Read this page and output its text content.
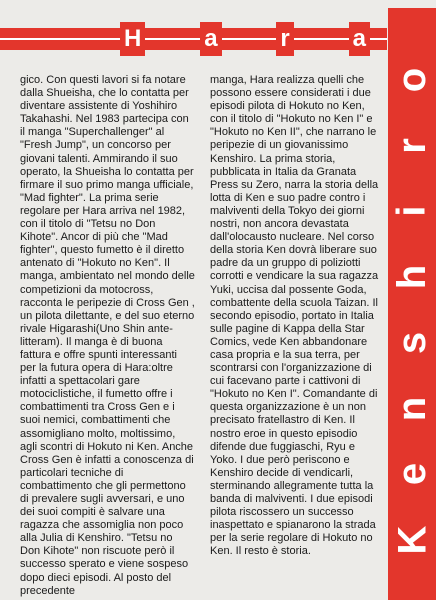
H	a	r	a
o
r
i
h
s
n
e
K

gico. Con questi lavori si fa notare dalla Shueisha, che lo contatta per diventare assistente di Yoshihiro Takahashi. Nel 1983 partecipa con il manga "Superchallenger" al "Fresh Jump", un concorso per giovani talenti. Ammirando il suo operato, la Shueisha lo contatta per firmare il suo primo manga ufficiale, "Mad fighter". La prima serie regolare per Hara arriva nel 1982, con il titolo di "Tetsu no Don Kihote". Ancor di più che "Mad fighter", questo fumetto è il diretto antenato di "Hokuto no Ken". Il manga, ambientato nel mondo delle competizioni da motocross, racconta le peripezie di Cross Gen , un pilota dilettante, e del suo eterno rivale Higarashi(Uno Shin ante-litteram). Il manga è di buona fattura e offre spunti interessanti per la futura opera di Hara:oltre infatti a spettacolari gare motociclistiche, il fumetto offre i combattimenti tra Cross Gen e i suoi nemici, combattimenti che assomigliano molto, moltissimo, agli scontri di Hokuto ni Ken. Anche Cross Gen è infatti a conoscenza di particolari tecniche di combattimento che gli permettono di prevalere sugli avversari, e uno dei suoi compiti è salvare una ragazza che assomiglia non poco alla Julia di Kenshiro. "Tetsu no Don Kihote" non riscuote però il successo sperato e viene sospeso dopo dieci episodi. Al posto del precedente

manga, Hara realizza quelli che possono essere considerati i due episodi pilota di Hokuto no Ken, con il titolo di "Hokuto no Ken I" e "Hokuto no Ken II", che narrano le peripezie di un giovanissimo Kenshiro. La prima storia, pubblicata in Italia da Granata Press su Zero, narra la storia della lotta di Ken e suo padre contro i malviventi della Tokyo dei giorni nostri, non ancora devastata dall'olocausto nucleare. Nel corso della storia Ken dovrà liberare suo padre da un gruppo di poliziotti corrotti e vendicare la sua ragazza Yuki, uccisa dal possente Goda, combattente della scuola Taizan. Il secondo episodio, portato in Italia sulle pagine di Kappa della Star Comics, vede Ken abbandonare casa propria e la sua terra, per scontrarsi con l'organizzazione di cui facevano parte i cattivoni di "Hokuto no Ken I". Comandante di questa organizzazione è un non precisato fratellastro di Ken. Il nostro eroe in questo episodio difende due fuggiaschi, Ryu e Yoko. I due però periscono e Kenshiro decide di vendicarli, sterminando allegramente tutta la banda di malviventi. I due episodi pilota riscossero un successo inaspettato e spianarono la strada per la serie regolare di Hokuto no Ken. Il resto è storia.
